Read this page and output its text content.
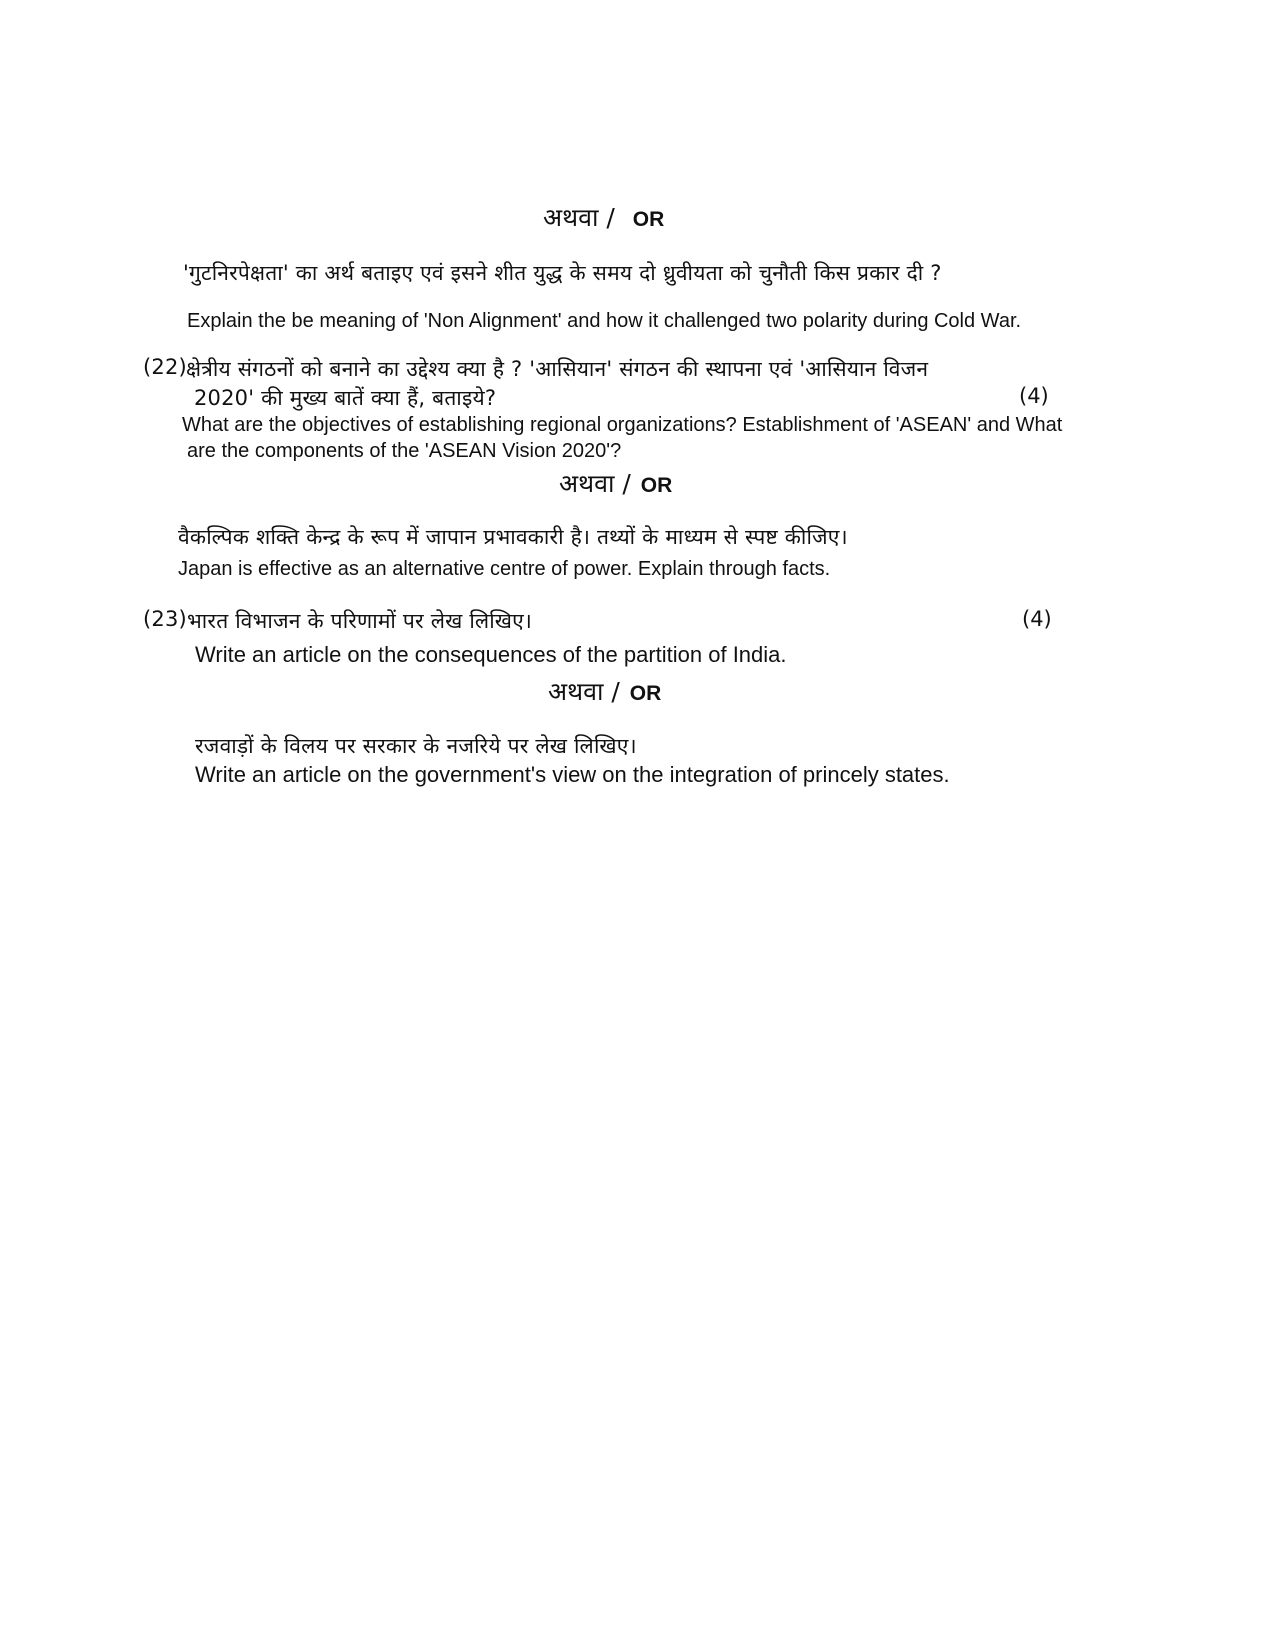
अथवा / OR
'गुटनिरपेक्षता' का अर्थ बताइए एवं इसने शीत युद्ध के समय दो ध्रुवीयता को चुनौती किस प्रकार दी ?
Explain the be meaning of 'Non Alignment' and how it challenged two polarity during Cold War.
(22) क्षेत्रीय संगठनों को बनाने का उद्देश्य क्या है ? 'आसियान' संगठन की स्थापना एवं 'आसियान विजन
2020' की मुख्य बातें क्या हैं, बताइये?	(4)
What are the objectives of establishing regional organizations? Establishment of 'ASEAN' and What
are the components of the 'ASEAN Vision 2020'?
अथवा / OR
वैकल्पिक शक्ति केन्द्र के रूप में जापान प्रभावकारी है। तथ्यों के माध्यम से स्पष्ट कीजिए।
Japan is effective as an alternative centre of power. Explain through facts.
(23) भारत विभाजन के परिणामों पर लेख लिखिए।	(4)
Write an article on the consequences of the partition of India.
अथवा / OR
रजवाड़ों के विलय पर सरकार के नजरिये पर लेख लिखिए।
Write an article on the government's view on the integration of princely states.
